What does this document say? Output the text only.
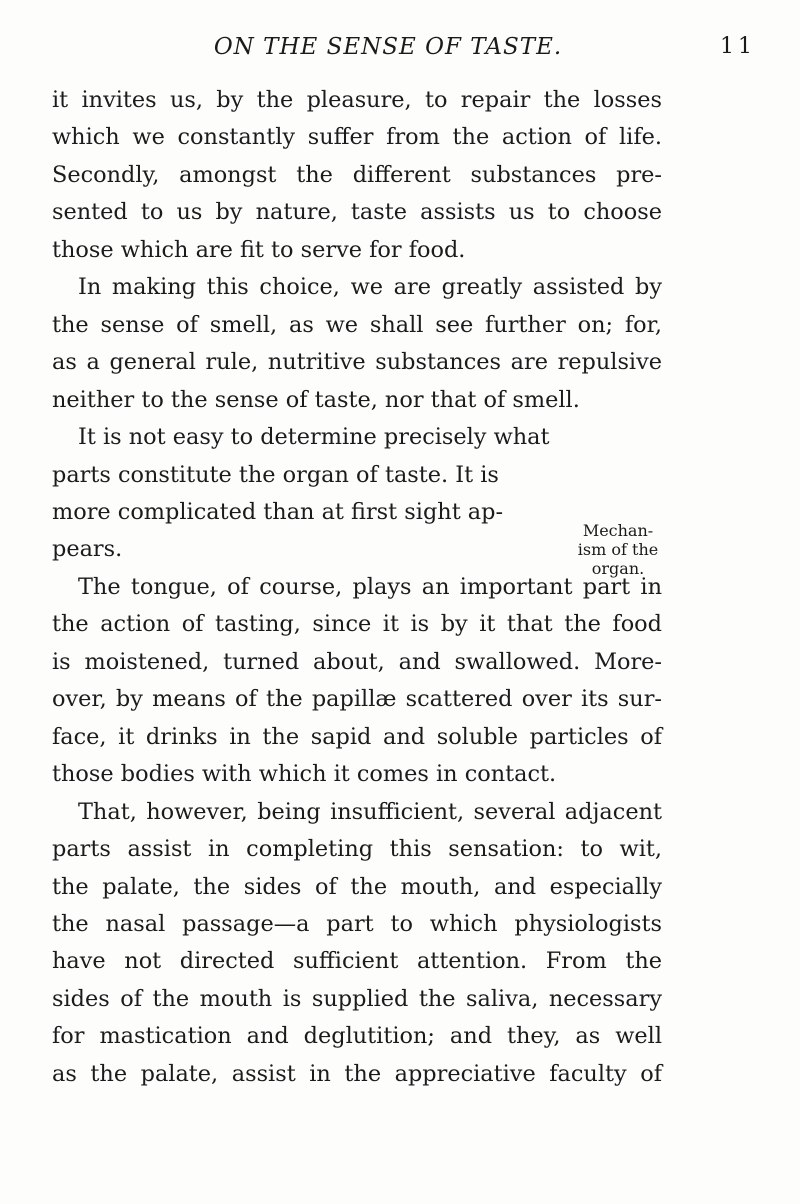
ON THE SENSE OF TASTE.	11
it invites us, by the pleasure, to repair the losses
which we constantly suffer from the action of life.
Secondly, amongst the different substances pre-
sented to us by nature, taste assists us to choose
those which are fit to serve for food.
In making this choice, we are greatly assisted by
the sense of smell, as we shall see further on; for,
as a general rule, nutritive substances are repulsive
neither to the sense of taste, nor that of smell.
It is not easy to determine precisely what
parts constitute the organ of taste. It is
more complicated than at first sight ap-
pears.
The tongue, of course, plays an important part in
the action of tasting, since it is by it that the food
is moistened, turned about, and swallowed. More-
over, by means of the papillæ scattered over its sur-
face, it drinks in the sapid and soluble particles of
those bodies with which it comes in contact.
That, however, being insufficient, several adjacent
parts assist in completing this sensation: to wit,
the palate, the sides of the mouth, and especially
the nasal passage—a part to which physiologists
have not directed sufficient attention. From the
sides of the mouth is supplied the saliva, necessary
for mastication and deglutition; and they, as well
as the palate, assist in the appreciative faculty of
Mechan-
ism of the
organ.
